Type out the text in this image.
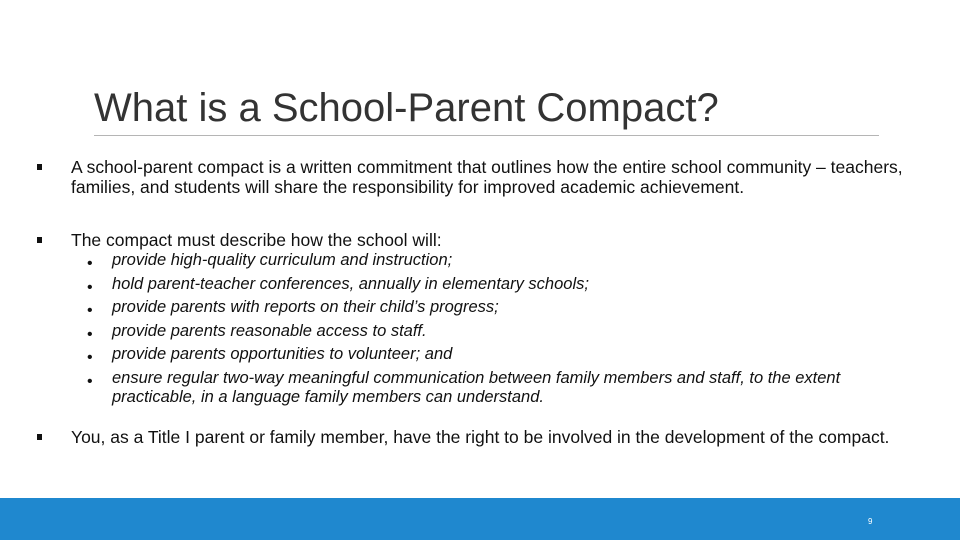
What is a School-Parent Compact?

A school-parent compact is a written commitment that outlines how the entire school community – teachers, families, and students will share the responsibility for improved academic achievement.

The compact must describe how the school will:

• provide high-quality curriculum and instruction;
• hold parent-teacher conferences, annually in elementary schools;
• provide parents with reports on their child’s progress;
• provide parents reasonable access to staff.
• provide parents opportunities to volunteer; and
• ensure regular two-way meaningful communication between family members and staff, to the extent practicable, in a language family members can understand.

You, as a Title I parent or family member, have the right to be involved in the development of the compact.

9
